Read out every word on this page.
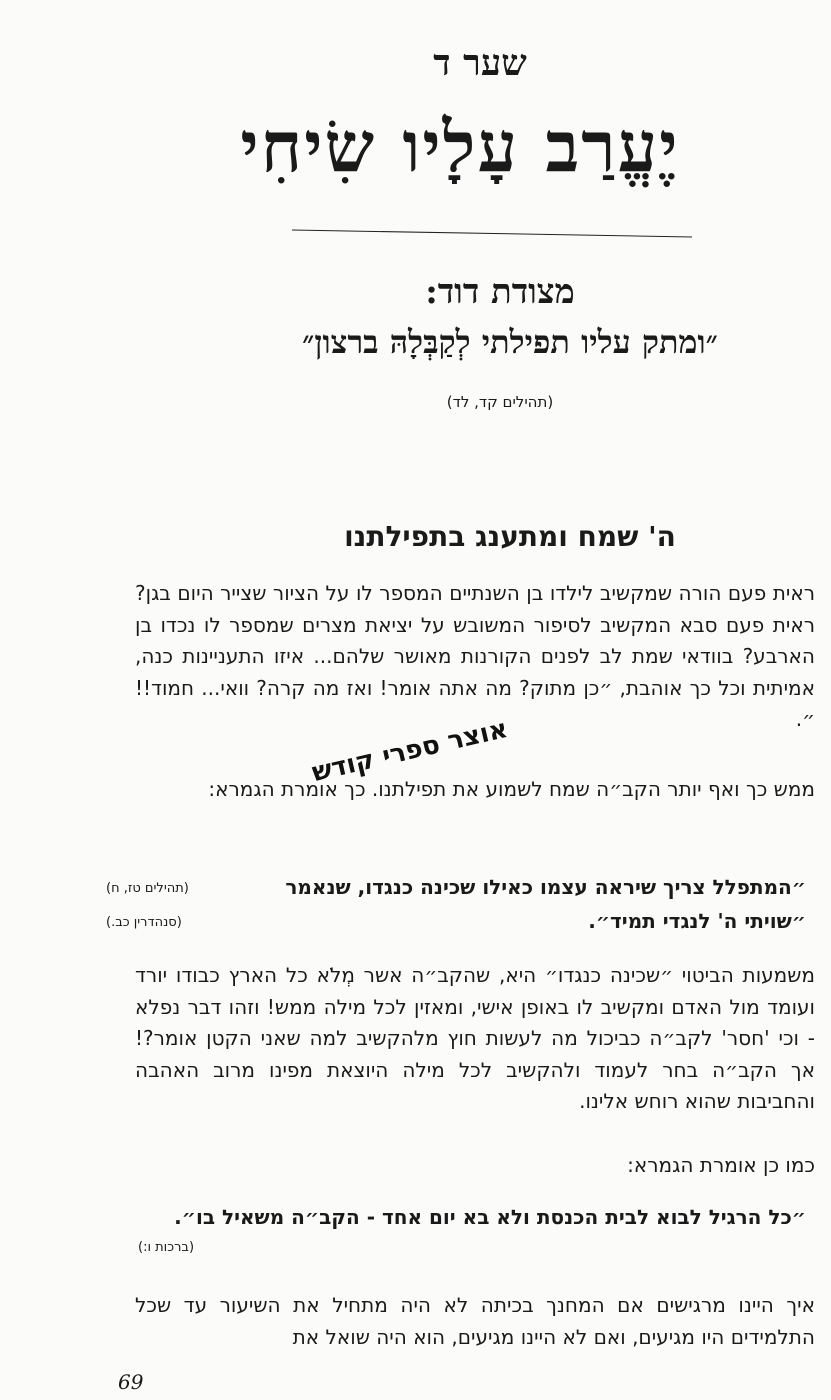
שער ד
יֶעֱרַב עָלָיו שִׂיחִי
מצודת דוד:
״ומתק עליו תפילתי לְקַבְּלָהּ ברצון״
(תהילים קד, לד)
ה' שמח ומתענג בתפילתנו
ראית פעם הורה שמקשיב לילדו בן השנתיים המספר לו על הציור שצייר היום בגן? ראית פעם סבא המקשיב לסיפור המשובש על יציאת מצרים שמספר לו נכדו בן הארבע? בוודאי שמת לב לפנים הקורנות מאושר שלהם... איזו התעניינות כנה, אמיתית וכל כך אוהבת, ״כן מתוק? מה אתה אומר! ואז מה קרה? וואי... חמוד!!״.
אוצר ספרי קודש
ממש כך ואף יותר הקב״ה שמח לשמוע את תפילתנו. כך אומרת הגמרא:
״המתפלל צריך שיראה עצמו כאילו שכינה כנגדו, שנאמר
(תהילים טז, ח)
״שויתי ה' לנגדי תמיד״.
(סנהדרין כב.)
משמעות הביטוי ״שכינה כנגדו״ היא, שהקב״ה אשר מְלֹא כל הארץ כבודו יורד ועומד מול האדם ומקשיב לו באופן אישי, ומאזין לכל מילה ממש! וזהו דבר נפלא - וכי 'חסר' לקב״ה כביכול מה לעשות חוץ מלהקשיב למה שאני הקטן אומר?! אך הקב״ה בחר לעמוד ולהקשיב לכל מילה היוצאת מפינו מרוב האהבה והחביבות שהוא רוחש אלינו.
כמו כן אומרת הגמרא:
״כל הרגיל לבוא לבית הכנסת ולא בא יום אחד - הקב״ה משאיל בו״.
(ברכות ו:)
איך היינו מרגישים אם המחנך בכיתה לא היה מתחיל את השיעור עד שכל התלמידים היו מגיעים, ואם לא היינו מגיעים, הוא היה שואל את
69
